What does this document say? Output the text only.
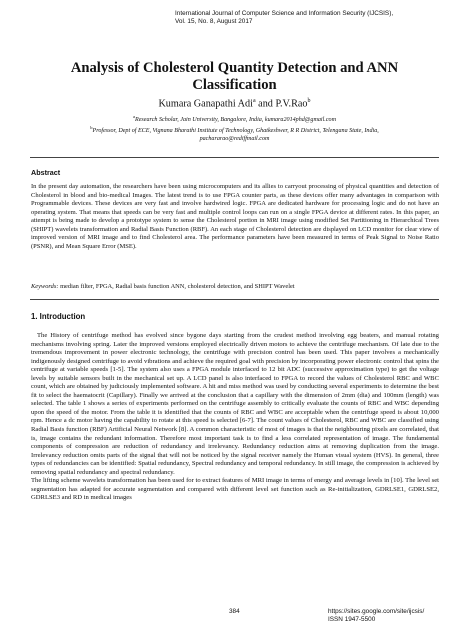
International Journal of Computer Science and Information Security (IJCSIS),
Vol. 15, No. 8, August 2017
Analysis of Cholesterol Quantity Detection and ANN Classification
Kumara Ganapathi Adi$^a$ and P.V.Rao$^b$
$^a$Research Scholar, Jain University, Bangalore, India, kumara2014phd@gmail.com
$^b$Professor, Dept of ECE, Vignana Bharathi Institute of Technology, Ghatkeshwer, R R District, Telengana State, India,
pachararao@rediffmail.com
Abstract
In the present day automation, the researchers have been using microcomputers and its allies to carryout processing of physical quantities and detection of Cholesterol in blood and bio-medical Images. The latest trend is to use FPGA counter parts, as these devices offer many advantages in comparison with Programmable devices. These devices are very fast and involve hardwired logic. FPGA are dedicated hardware for processing logic and do not have an operating system. That means that speeds can be very fast and multiple control loops can run on a single FPGA device at different rates. In this paper, an attempt is being made to develop a prototype system to sense the Cholesterol portion in MRI image using modified Set Partitioning in Hierarchical Trees (SHIPT) wavelets transformation and Radial Basis Function (RBF). An each stage of Cholesterol detection are displayed on LCD monitor for clear view of improved version of MRI image and to find Cholesterol area. The performance parameters have been measured in terms of Peak Signal to Noise Ratio (PSNR), and Mean Square Error (MSE).
Keywords: median filter, FPGA, Radial basis function ANN, cholesterol detection, and SHIPT Wavelet
1. Introduction

The History of centrifuge method has evolved since bygone days starting from the crudest method involving egg beaters, and manual rotating mechanisms involving spring. Later the improved versions employed electrically driven motors to achieve the centrifuge mechanism. Of late due to the tremendous improvement in power electronic technology, the centrifuge with precision control has been used. This paper involves a mechanically indigenously designed centrifuge to avoid vibrations and achieve the required goal with precision by incorporating power electronic control that spins the centrifuge at variable speeds [1-5]. The system also uses a FPGA module interfaced to 12 bit ADC (successive approximation type) to get the voltage levels by suitable sensors built in the mechanical set up. A LCD panel is also interfaced to FPGA to record the values of Cholesterol RBC and WBC count, which are obtained by judiciously implemented software. A hit and miss method was used by conducting several experiments to determine the best fit to select the haematocrit (Capillary). Finally we arrived at the conclusion that a capillary with the dimension of 2mm (dia) and 100mm (length) was selected. The table 1 shows a series of experiments performed on the centrifuge assembly to critically evaluate the counts of RBC and WBC depending upon the speed of the motor. From the table it is identified that the counts of RBC and WBC are acceptable when the centrifuge speed is about 10,000 rpm. Hence a dc motor having the capability to rotate at this speed is selected [6-7]. The count values of Cholesterol, RBC and WBC are classified using Radial Basis function (RBF) Artificial Neural Network [8]. A common characteristic of most of images is that the neighbouring pixels are correlated, that is, image contains the redundant information. Therefore most important task is to find a less correlated representation of image. The fundamental components of compression are reduction of redundancy and irrelevancy. Redundancy reduction aims at removing duplication from the image. Irrelevancy reduction omits parts of the signal that will not be noticed by the signal receiver namely the Human visual system (HVS). In general, three types of redundancies can be identified: Spatial redundancy, Spectral redundancy and temporal redundancy. In still image, the compression is achieved by removing spatial redundancy and spectral redundancy.

The lifting scheme wavelets transformation has been used for to extract features of MRI image in terms of energy and average levels in [10]. The level set segmentation has adapted for accurate segmentation and compared with different level set function such as Re-initialization, GDRLSE1, GDRLSE2, GDRLSE3 and RD in medical images

384	https://sites.google.com/site/ijcsis/
ISSN 1947-5500
